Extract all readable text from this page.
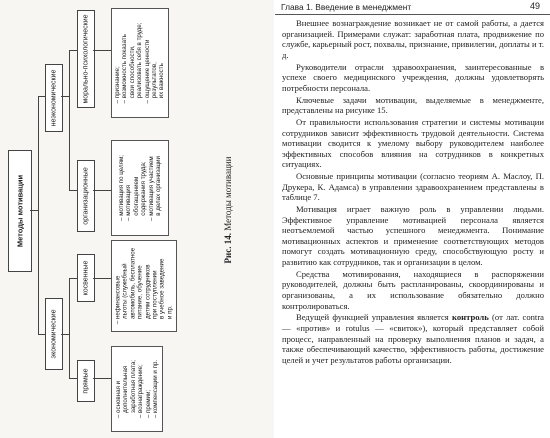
Методы мотивации
неэкономические
экономические
морально-психологические
организационные
косвенные
прямые
– признание;
– возможность показать
свои способности,
реализовать себя в труде;
– ощущение ценности
результатов,
их важность
– мотивация по целям;
– мотивация
обогащением
содержания труда;
– мотивация участием
в делах организации
– нефинансовые
льготы (служебный
автомобиль, бесплатное
питание, обучение
детям сотрудников
при поступлении
в учебное заведение
и пр.
– основная и
дополнительная
заработная плата;
– вознаграждение;
– премии;
– компенсации и пр.
Рис. 14. Методы мотивации
Глава 1. Введение в менеджмент	49

Внешнее вознаграждение возникает не от самой работы, а дается организацией. Примерами служат: заработная плата, продвижение по службе, карьерный рост, похвалы, признание, привилегии, доплаты и т. д.

Руководители отрасли здравоохранения, заинтересованные в успехе своего медицинского учреждения, должны удовлетворять потребности персонала.

Ключевые задачи мотивации, выделяемые в менеджменте, представлены на рисунке 15.

От правильности использования стратегии и системы мотивации сотрудников зависит эффективность трудовой деятельности. Система мотивации сводится к умелому выбору руководителем наиболее эффективных способов влияния на сотрудников в конкретных ситуациях.

Основные принципы мотивации (согласно теориям А. Маслоу, П. Друкера, К. Адамса) в управлении здравоохранением представлены в таблице 7.

Мотивация играет важную роль в управлении людьми. Эффективное управление мотивацией персонала является неотъемлемой частью успешного менеджмента. Понимание мотивационных аспектов и применение соответствующих методов помогут создать мотивационную среду, способствующую росту и развитию как сотрудников, так и организации в целом.

Средства мотивирования, находящиеся в распоряжении руководителей, должны быть распланированы, скоординированы и организованы, а их использование обязательно должно контролироваться.

Ведущей функцией управления является контроль (от лат. contra — «против» и rotulus — «свиток»), который представляет собой процесс, направленный на проверку выполнения планов и задач, а также обеспечивающий качество, эффективность работы, достижение целей и учет результатов работы организации.
